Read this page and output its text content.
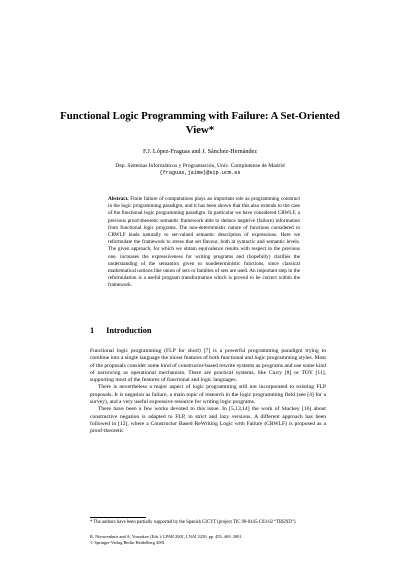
Functional Logic Programming with Failure: A Set-Oriented View*
F.J. López-Fraguas and J. Sánchez-Hernández
Dep. Sistemas Informáticos y Programación, Univ. Complutense de Madrid
{fraguas,jaime}@sip.ucm.es
Abstract. Finite failure of computations plays an important role as programming construct in the logic programming paradigm, and it has been shown that this also extends to the case of the functional logic programming paradigm. In particular we have considered CRWLF, a previous proof-theoretic semantic framework able to deduce negative (failure) information from functional logic programs. The non-deterministic nature of functions considered in CRWLF leads naturally to set-valued semantic description of expressions. Here we reformulate the framework to stress that set flavour, both at syntactic and semantic levels. The given approach, for which we obtain equivalence results with respect to the previous one, increases the expressiveness for writing programs and (hopefully) clarifies the understanding of the semantics given to nondeterministic functions, since classical mathematical notions like union of sets or families of sets are used. An important step in the reformulation is a useful program transformation which is proved to be correct within the framework.
1 Introduction

Functional logic programming (FLP for short) [7] is a powerful programming paradigm trying to combine into a single language the nicest features of both functional and logic programming styles. Most of the proposals consider some kind of constructor-based rewrite systems as programs and use some kind of narrowing as operational mechanism. There are practical systems, like Curry [8] or TOY [11], supporting most of the features of functional and logic languages.

There is nevertheless a major aspect of logic programming still not incorporated to existing FLP proposals. It is negation as failure, a main topic of research in the logic programming field (see [4] for a survey), and a very useful expressive resource for writing logic programs.

There have been a few works devoted to this issue. In [5,13,14] the work of Stuckey [16] about constructive negation is adapted to FLP, in strict and lazy versions. A different approach has been followed in [12], where a Constructor Based ReWriting Logic with Failure (CRWLF) is proposed as a proof-theoretic

* The authors have been partially supported by the Spanish CICYT (project TIC 98-0445-C03-02 “TREND”).
R. Nieuwenhuis and A. Voronkov (Eds.): LPAR 2001, LNAI 2250, pp. 455–469, 2001.
© Springer-Verlag Berlin Heidelberg 2001
